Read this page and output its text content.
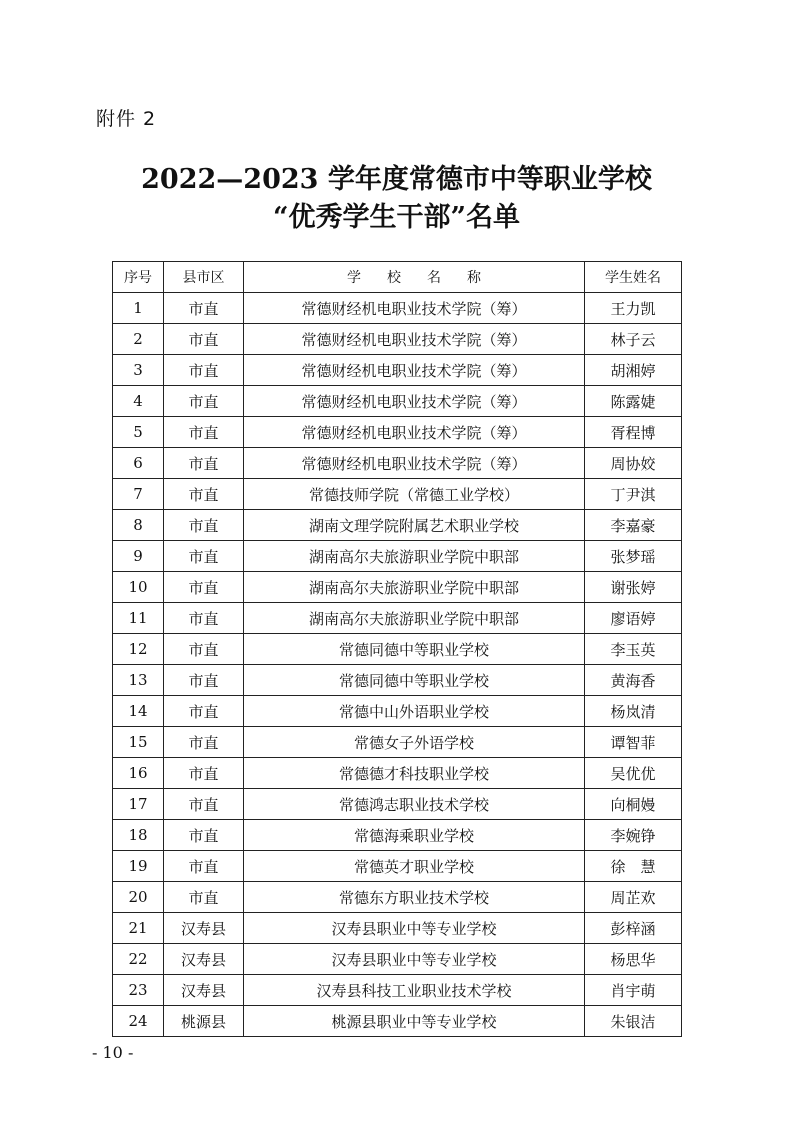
附件 2
2022—2023 学年度常德市中等职业学校
“优秀学生干部”名单
序号	县市区	学校名称	学生姓名
1	市直	常德财经机电职业技术学院（筹）	王力凯
2	市直	常德财经机电职业技术学院（筹）	林子云
3	市直	常德财经机电职业技术学院（筹）	胡湘婷
4	市直	常德财经机电职业技术学院（筹）	陈露婕
5	市直	常德财经机电职业技术学院（筹）	胥程博
6	市直	常德财经机电职业技术学院（筹）	周协姣
7	市直	常德技师学院（常德工业学校）	丁尹淇
8	市直	湖南文理学院附属艺术职业学校	李嘉豪
9	市直	湖南高尔夫旅游职业学院中职部	张梦瑶
10	市直	湖南高尔夫旅游职业学院中职部	谢张婷
11	市直	湖南高尔夫旅游职业学院中职部	廖语婷
12	市直	常德同德中等职业学校	李玉英
13	市直	常德同德中等职业学校	黄海香
14	市直	常德中山外语职业学校	杨岚清
15	市直	常德女子外语学校	谭智菲
16	市直	常德德才科技职业学校	吴优优
17	市直	常德鸿志职业技术学校	向桐嫚
18	市直	常德海乘职业学校	李婉铮
19	市直	常德英才职业学校	徐　慧
20	市直	常德东方职业技术学校	周芷欢
21	汉寿县	汉寿县职业中等专业学校	彭梓涵
22	汉寿县	汉寿县职业中等专业学校	杨思华
23	汉寿县	汉寿县科技工业职业技术学校	肖宇萌
24	桃源县	桃源县职业中等专业学校	朱银洁
- 10 -
